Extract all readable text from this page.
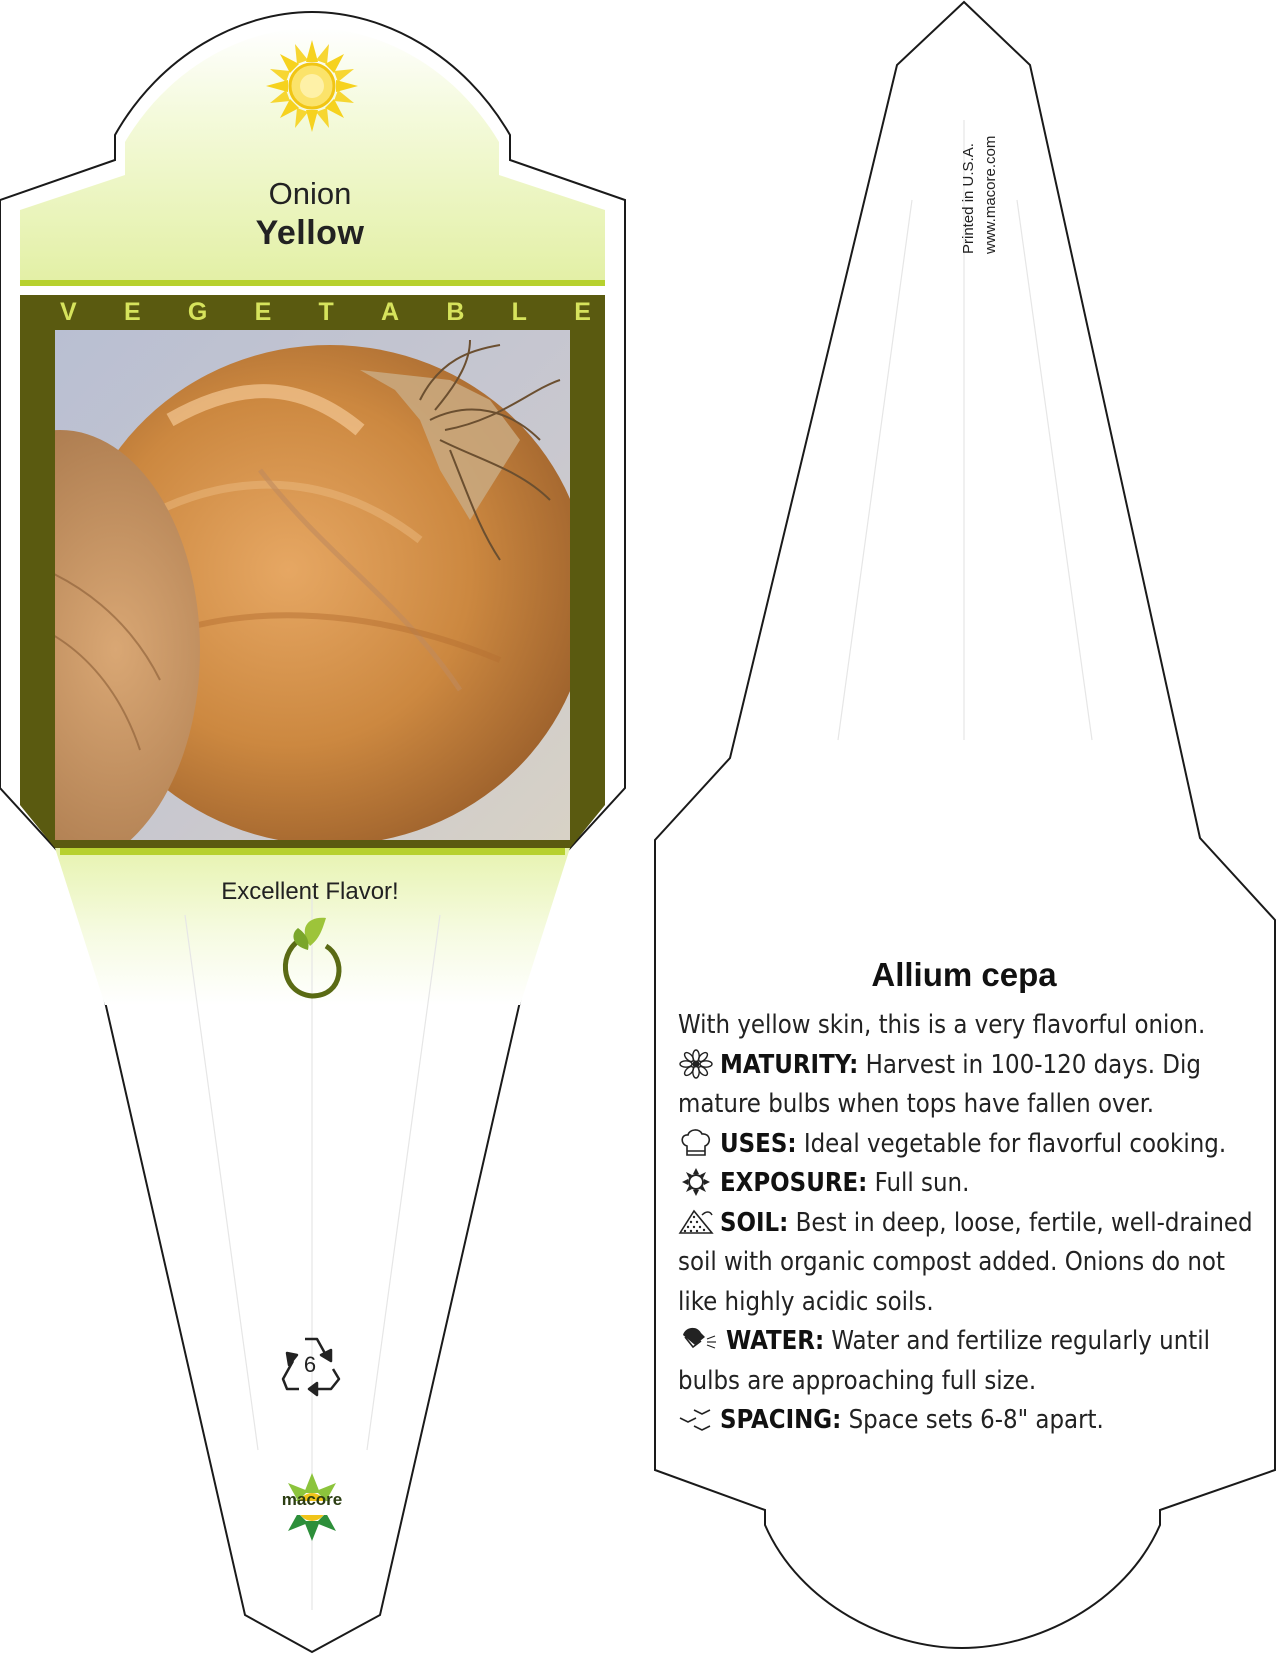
Onion
Yellow
V E G E T A B L E
Excellent Flavor!
6
macore
Printed in U.S.A. www.macore.com
Allium cepa

With yellow skin, this is a very flavorful onion.

MATURITY: Harvest in 100-120 days. Dig mature bulbs when tops have fallen over.

USES: Ideal vegetable for flavorful cooking.

EXPOSURE: Full sun.

SOIL: Best in deep, loose, fertile, well-drained soil with organic compost added. Onions do not like highly acidic soils.

WATER: Water and fertilize regularly until bulbs are approaching full size.

SPACING: Space sets 6-8" apart.
